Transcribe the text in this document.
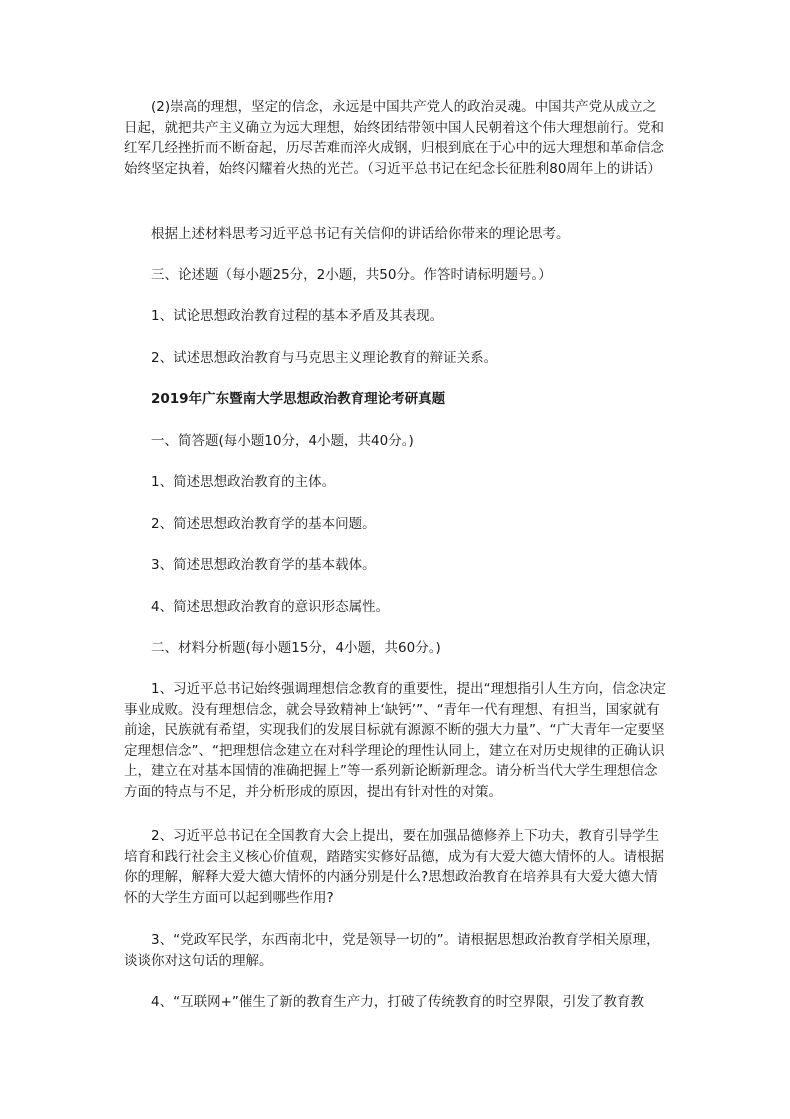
(2)崇高的理想，坚定的信念，永远是中国共产党人的政治灵魂。中国共产党从成立之日起，就把共产主义确立为远大理想，始终团结带领中国人民朝着这个伟大理想前行。党和红军几经挫折而不断奋起，历尽苦难而淬火成钢，归根到底在于心中的远大理想和革命信念始终坚定执着，始终闪耀着火热的光芒。（习近平总书记在纪念长征胜利80周年上的讲话）

根据上述材料思考习近平总书记有关信仰的讲话给你带来的理论思考。

三、论述题（每小题25分，2小题，共50分。作答时请标明题号。）

1、试论思想政治教育过程的基本矛盾及其表现。

2、试述思想政治教育与马克思主义理论教育的辩证关系。

2019年广东暨南大学思想政治教育理论考研真题

一、简答题(每小题10分，4小题，共40分。)

1、简述思想政治教育的主体。

2、简述思想政治教育学的基本问题。

3、简述思想政治教育学的基本载体。

4、简述思想政治教育的意识形态属性。

二、材料分析题(每小题15分，4小题，共60分。)

1、习近平总书记始终强调理想信念教育的重要性，提出“理想指引人生方向，信念决定事业成败。没有理想信念，就会导致精神上‘缺钙’”、“青年一代有理想、有担当，国家就有前途，民族就有希望，实现我们的发展目标就有源源不断的强大力量”、“广大青年一定要坚定理想信念”、“把理想信念建立在对科学理论的理性认同上，建立在对历史规律的正确认识上，建立在对基本国情的准确把握上”等一系列新论断新理念。请分析当代大学生理想信念方面的特点与不足，并分析形成的原因，提出有针对性的对策。

2、习近平总书记在全国教育大会上提出，要在加强品德修养上下功夫，教育引导学生培育和践行社会主义核心价值观，踏踏实实修好品德，成为有大爱大德大情怀的人。请根据你的理解，解释大爱大德大情怀的内涵分别是什么?思想政治教育在培养具有大爱大德大情怀的大学生方面可以起到哪些作用?

3、“党政军民学，东西南北中，党是领导一切的”。请根据思想政治教育学相关原理，谈谈你对这句话的理解。

4、“互联网+”催生了新的教育生产力，打破了传统教育的时空界限，引发了教育教
